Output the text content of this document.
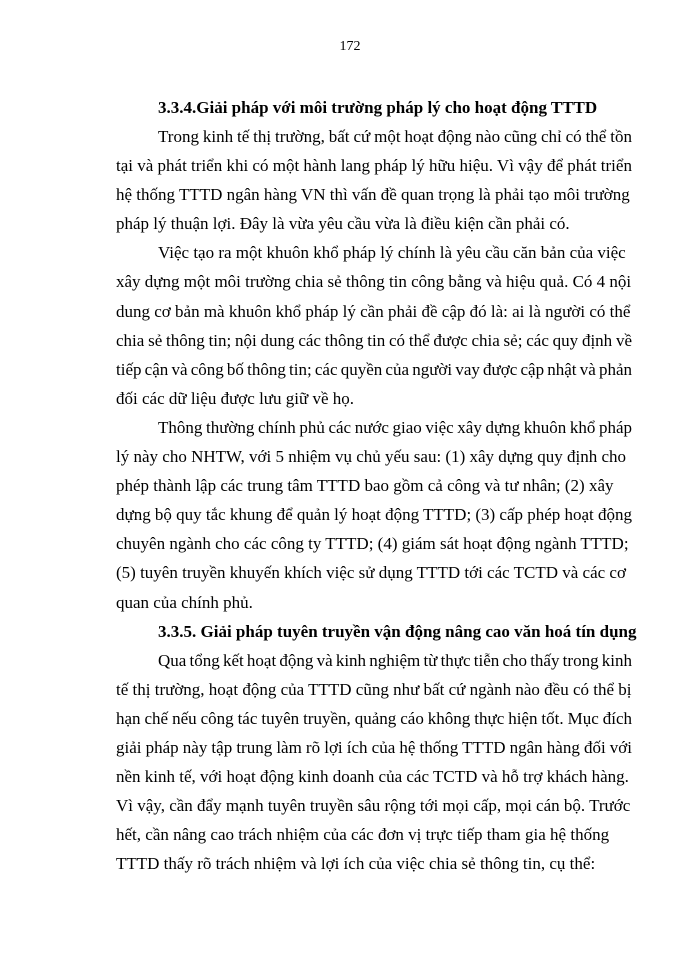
172
3.3.4.Giải pháp với môi trường pháp lý cho hoạt động TTTD
Trong kinh tế thị trường, bất cứ một hoạt động nào cũng chỉ có thể tồn
tại và phát triển khi có một hành lang pháp lý hữu hiệu. Vì vậy để phát triển
hệ thống TTTD ngân hàng VN thì vấn đề quan trọng là phải tạo môi trường
pháp lý thuận lợi. Đây là vừa yêu cầu vừa là điều kiện cần phải có.
Việc tạo ra một khuôn khổ pháp lý chính là yêu cầu căn bản của việc
xây dựng một môi trường chia sẻ thông tin công bằng và hiệu quả. Có 4 nội
dung cơ bản mà khuôn khổ pháp lý cần phải đề cập đó là: ai là người có thể
chia sẻ thông tin; nội dung các thông tin có thể được chia sẻ; các quy định về
tiếp cận và công bố thông tin; các quyền của người vay được cập nhật và phản
đối các dữ liệu được lưu giữ về họ.
Thông thường chính phủ các nước giao việc xây dựng khuôn khổ pháp
lý này cho NHTW, với 5 nhiệm vụ chủ yếu sau: (1) xây dựng quy định cho
phép thành lập các trung tâm TTTD bao gồm cả công và tư nhân; (2) xây
dựng bộ quy tắc khung để quản lý hoạt động TTTD; (3) cấp phép hoạt động
chuyên ngành cho các công ty TTTD; (4) giám sát hoạt động ngành TTTD;
(5) tuyên truyền khuyến khích việc sử dụng TTTD tới các TCTD và các cơ
quan của chính phủ.
3.3.5. Giải pháp tuyên truyền vận động nâng cao văn hoá tín dụng
Qua tổng kết hoạt động và kinh nghiệm từ thực tiễn cho thấy trong kinh
tế thị trường, hoạt động của TTTD cũng như bất cứ ngành nào đều có thể bị
hạn chế nếu công tác tuyên truyền, quảng cáo không thực hiện tốt. Mục đích
giải pháp này tập trung làm rõ lợi ích của hệ thống TTTD ngân hàng đối với
nền kinh tế, với hoạt động kinh doanh của các TCTD và hỗ trợ khách hàng.
Vì vậy, cần đẩy mạnh tuyên truyền sâu rộng tới mọi cấp, mọi cán bộ. Trước
hết, cần nâng cao trách nhiệm của các đơn vị trực tiếp tham gia hệ thống
TTTD thấy rõ trách nhiệm và lợi ích của việc chia sẻ thông tin, cụ thể:
